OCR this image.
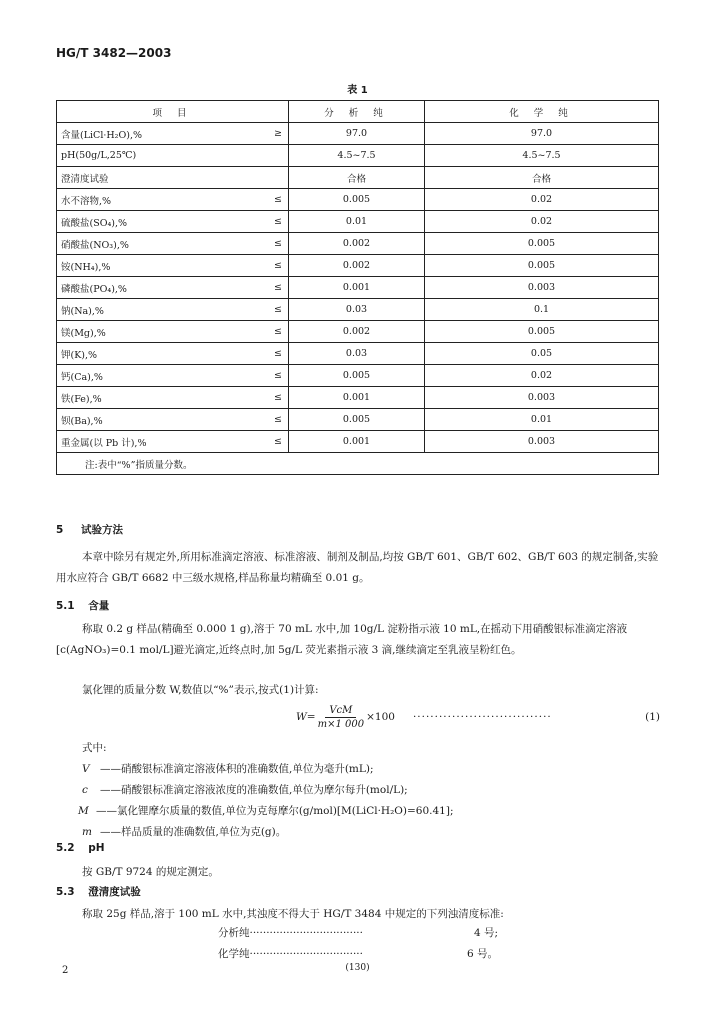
HG/T 3482—2003
表 1
项 目		分 析 纯	化 学 纯
含量(LiCl·H₂O),%	≥	97.0	97.0
pH(50g/L,25℃)		4.5~7.5	4.5~7.5
澄清度试验		合格	合格
水不溶物,%	≤	0.005	0.02
硫酸盐(SO₄),%	≤	0.01	0.02
硝酸盐(NO₃),%	≤	0.002	0.005
铵(NH₄),%	≤	0.002	0.005
磷酸盐(PO₄),%	≤	0.001	0.003
钠(Na),%	≤	0.03	0.1
镁(Mg),%	≤	0.002	0.005
钾(K),%	≤	0.03	0.05
钙(Ca),%	≤	0.005	0.02
铁(Fe),%	≤	0.001	0.003
钡(Ba),%	≤	0.005	0.01
重金属(以 Pb 计),%	≤	0.001	0.003
注:表中“%”指质量分数。			
5 试验方法
本章中除另有规定外,所用标准滴定溶液、标准溶液、制剂及制品,均按 GB/T 601、GB/T 602、GB/T 603 的规定制备,实验用水应符合 GB/T 6682 中三级水规格,样品称量均精确至 0.01 g。
5.1 含量
称取 0.2 g 样品(精确至 0.000 1 g),溶于 70 mL 水中,加 10g/L 淀粉指示液 10 mL,在摇动下用硝酸银标准滴定溶液[c(AgNO₃)=0.1 mol/L]避光滴定,近终点时,加 5g/L 荧光素指示液 3 滴,继续滴定至乳液呈粉红色。
氯化锂的质量分数 W,数值以“%”表示,按式(1)计算:
$W= \frac{\text{VcM}}{m\times 1 000} \times 100$ ································	(1)
式中:
V ——硝酸银标准滴定溶液体积的准确数值,单位为毫升(mL);
c ——硝酸银标准滴定溶液浓度的准确数值,单位为摩尔每升(mol/L);
M ——氯化锂摩尔质量的数值,单位为克每摩尔(g/mol)[M(LiCl·H₂O)=60.41];
m ——样品质量的准确数值,单位为克(g)。
5.2 pH
按 GB/T 9724 的规定测定。
5.3 澄清度试验
称取 25g 样品,溶于 100 mL 水中,其浊度不得大于 HG/T 3484 中规定的下列浊清度标准:
分析纯 ··································	4 号;
化学纯 ··································	6 号。
2	(130)
